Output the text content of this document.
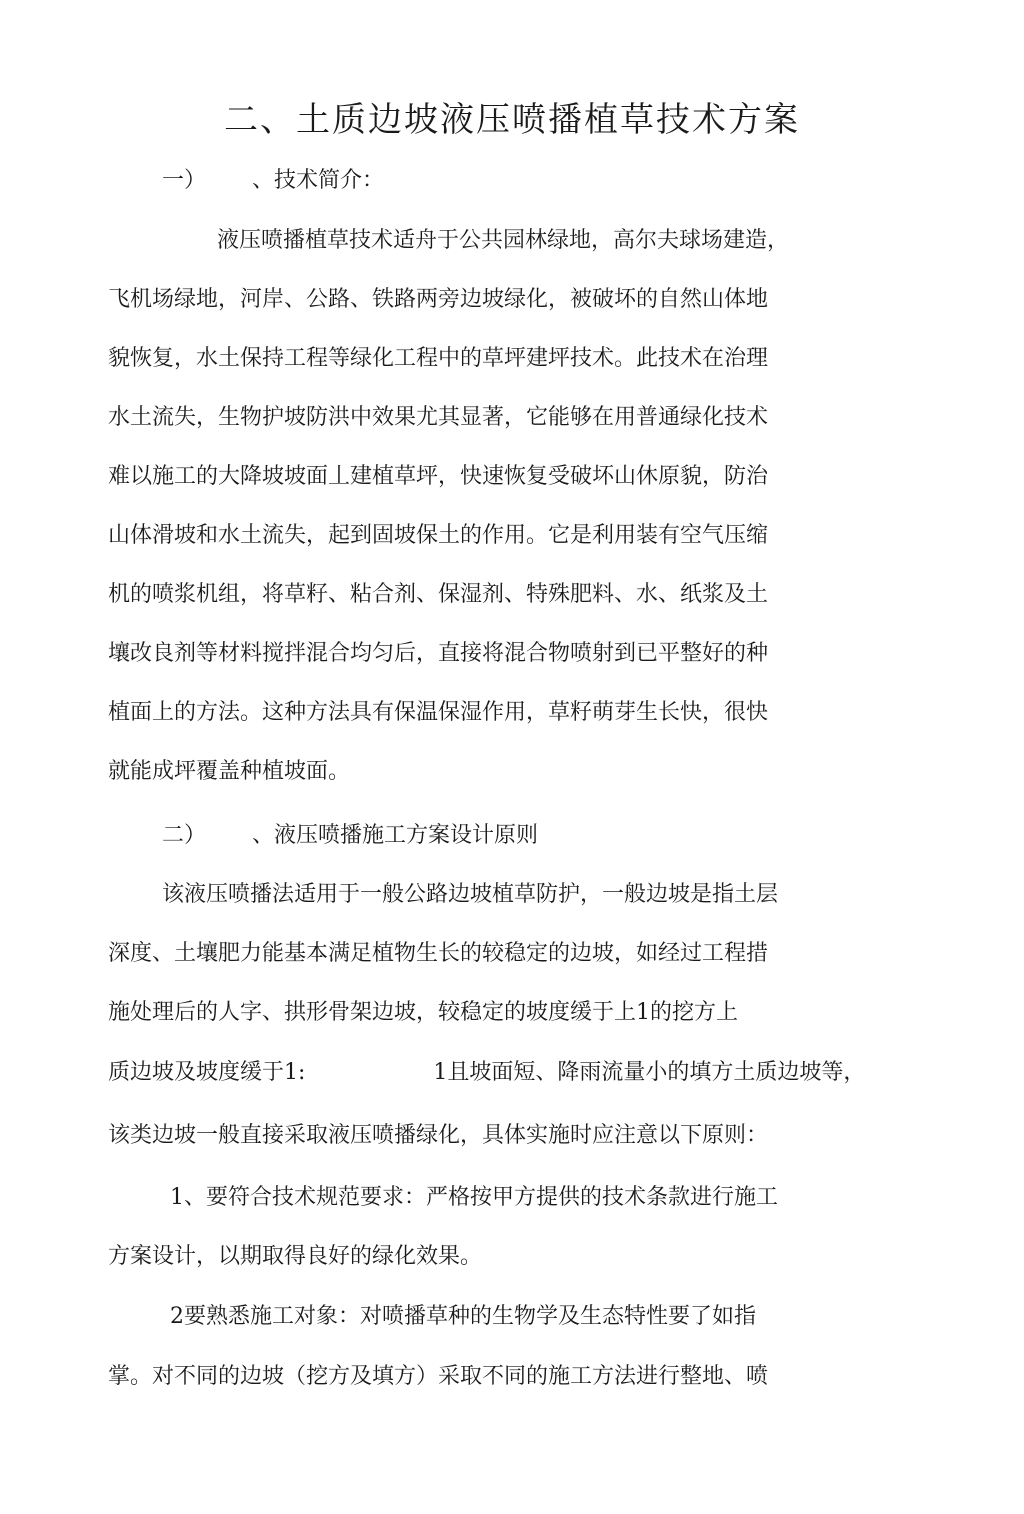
二、土质边坡液压喷播植草技术方案

一） 、技术简介：

液压喷播植草技术适舟于公共园林绿地，高尔夫球场建造，

飞机场绿地，河岸、公路、铁路两旁边坡绿化，被破坏的自然山体地

貌恢复，水土保持工程等绿化工程中的草坪建坪技术。此技术在治理

水土流失，生物护坡防洪中效果尤其显著，它能够在用普通绿化技术

难以施工的大降坡坡面丄建植草坪，快速恢复受破坏山休原貌，防治

山体滑坡和水土流失，起到固坡保土的作用。它是利用装有空气压缩

机的喷浆机组，将草籽、粘合剂、保湿剂、特殊肥料、水、纸浆及土

壤改良剂等材料搅拌混合均匀后，直接将混合物喷射到已平整好的种

植面上的方法。这种方法具有保温保湿作用，草籽萌芽生长快，很快

就能成坪覆盖种植坡面。

二） 、液压喷播施工方案设计原则

该液压喷播法适用于一般公路边坡植草防护，一般边坡是指土层

深度、土壤肥力能基本满足植物生长的较稳定的边坡，如经过工程措

施处理后的人字、拱形骨架边坡，较稳定的坡度缓于上1的挖方上

质边坡及坡度缓于1:	1且坡面短、降雨流量小的填方土质边坡等，

该类边坡一般直接采取液压喷播绿化，具体实施时应注意以下原则：

1、要符合技术规范要求：严格按甲方提供的技术条款进行施工

方案设计，以期取得良好的绿化效果。

2要熟悉施工对象：对喷播草种的生物学及生态特性要了如指

掌。对不同的边坡（挖方及填方）采取不同的施工方法进行整地、喷
